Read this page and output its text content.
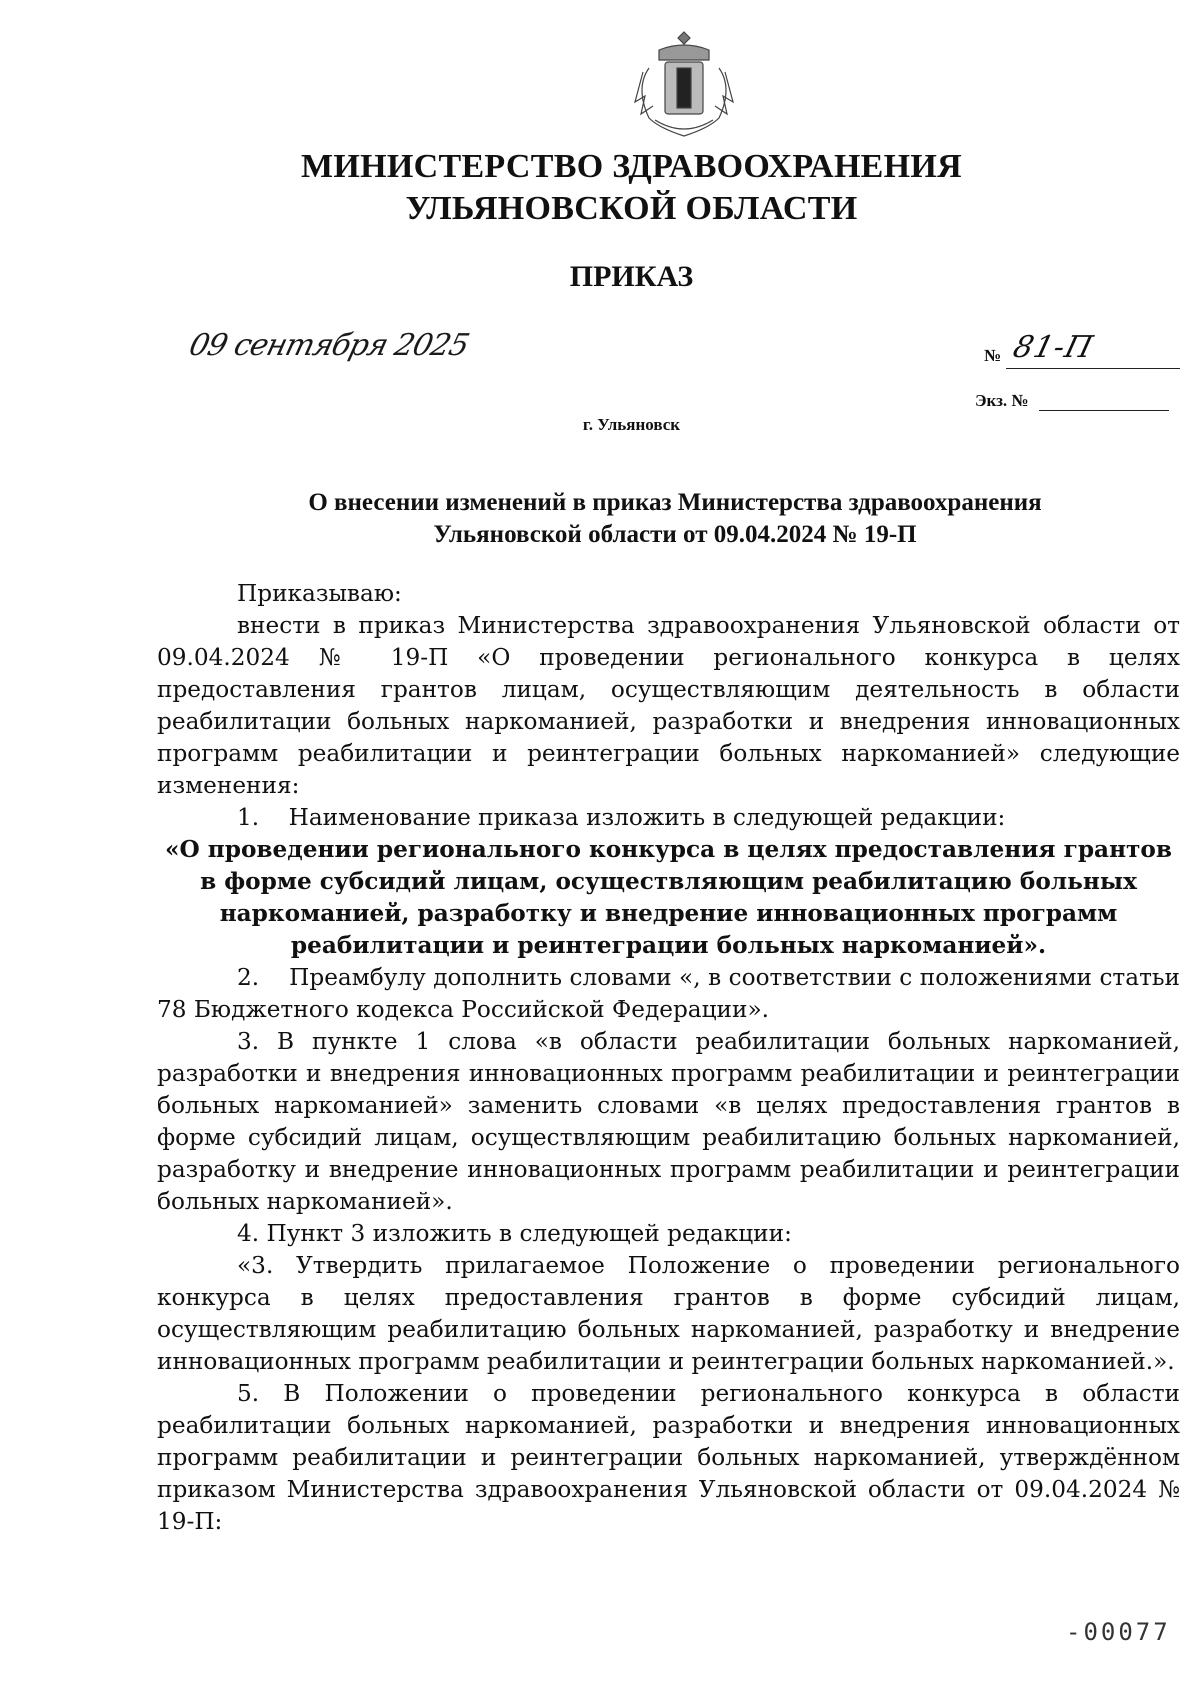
МИНИСТЕРСТВО ЗДРАВООХРАНЕНИЯ
УЛЬЯНОВСКОЙ ОБЛАСТИ
ПРИКАЗ
09 сентября 2025	№ 81-П
Экз. №
г. Ульяновск
О внесении изменений в приказ Министерства здравоохранения
Ульяновской области от 09.04.2024 № 19-П

Приказываю:

внести в приказ Министерства здравоохранения Ульяновской области от 09.04.2024 № 19-П «О проведении регионального конкурса в целях предоставления грантов лицам, осуществляющим деятельность в области реабилитации больных наркоманией, разработки и внедрения инновационных программ реабилитации и реинтеграции больных наркоманией» следующие изменения:

1.    Наименование приказа изложить в следующей редакции:

«О проведении регионального конкурса в целях предоставления грантов в форме субсидий лицам, осуществляющим реабилитацию больных наркоманией, разработку и внедрение инновационных программ реабилитации и реинтеграции больных наркоманией».

2.    Преамбулу дополнить словами «, в соответствии с положениями статьи 78 Бюджетного кодекса Российской Федерации».

3. В пункте 1 слова «в области реабилитации больных наркоманией, разработки и внедрения инновационных программ реабилитации и реинтеграции больных наркоманией» заменить словами «в целях предоставления грантов в форме субсидий лицам, осуществляющим реабилитацию больных наркоманией, разработку и внедрение инновационных программ реабилитации и реинтеграции больных наркоманией».

4. Пункт 3 изложить в следующей редакции:

«3. Утвердить прилагаемое Положение о проведении регионального конкурса в целях предоставления грантов в форме субсидий лицам, осуществляющим реабилитацию больных наркоманией, разработку и внедрение инновационных программ реабилитации и реинтеграции больных наркоманией.».

5. В Положении о проведении регионального конкурса в области реабилитации больных наркоманией, разработки и внедрения инновационных программ реабилитации и реинтеграции больных наркоманией, утверждённом приказом Министерства здравоохранения Ульяновской области от 09.04.2024 № 19-П:

-00077
